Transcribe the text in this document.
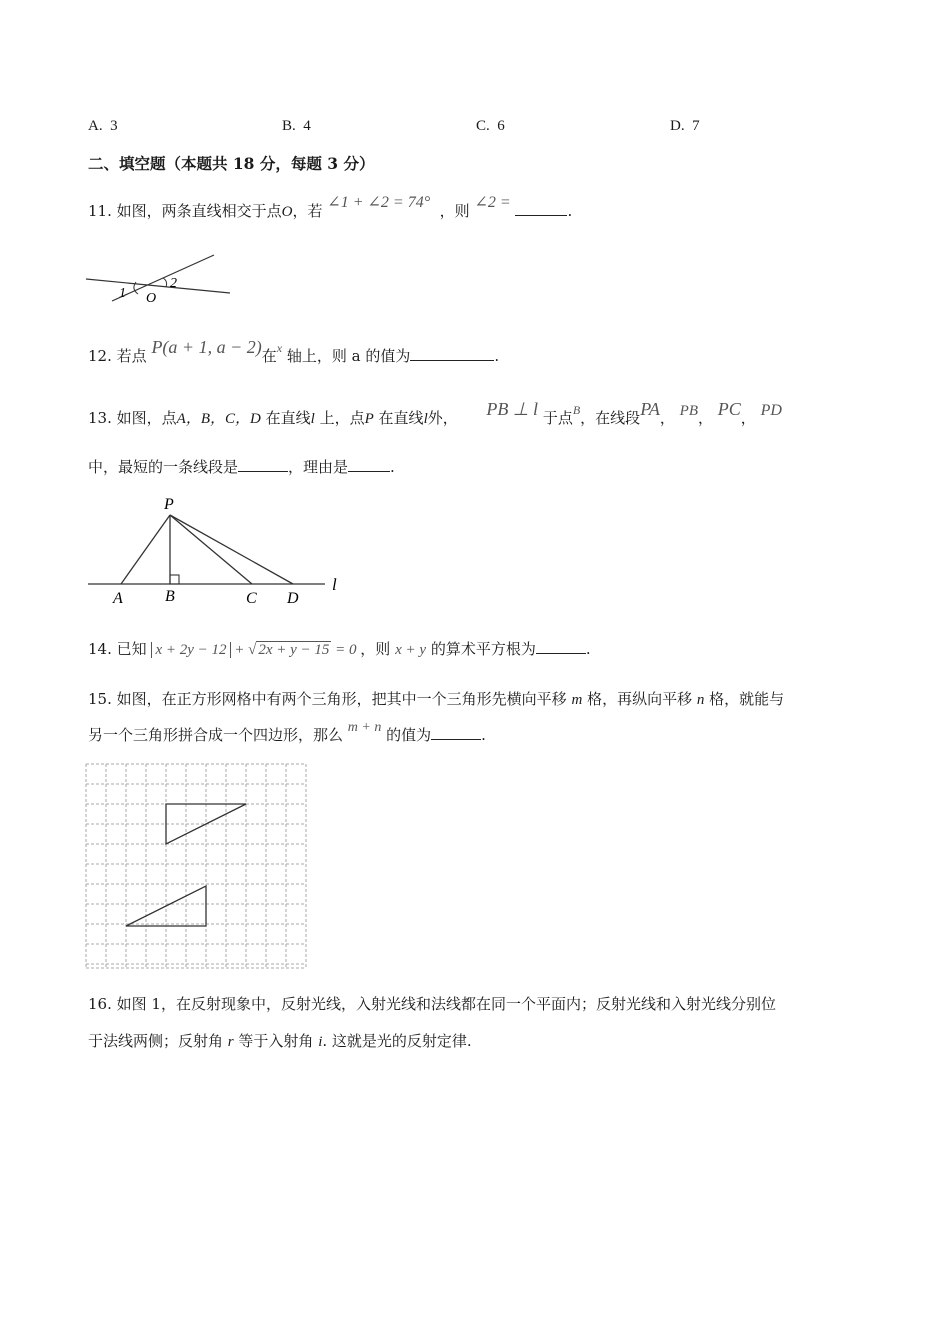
A. 3	B. 4	C. 6	D. 7
二、填空题（本题共 18 分，每题 3 分）
11. 如图，两条直线相交于点O，若 ∠1 + ∠2 = 74° ，则 ∠2 =	.
1
2
O
12. 若点 P(a + 1, a − 2)在$^x$ 轴上，则 a 的值为	.
13. 如图，点A，B，C，D 在直线l 上，点P 在直线l外， PB ⊥ l 于点$^B$，在线段PA， PB， PC， PD
中，最短的一条线段是	，理由是	.
P
A	B	C D
l
14. 已知 x + 2y − 12 + √ 2x + y − 15 = 0 ，则 x + y 的算术平方根为	.
15. 如图，在正方形网格中有两个三角形，把其中一个三角形先横向平移 m 格，再纵向平移 n 格，就能与
另一个三角形拼合成一个四边形，那么 m + n 的值为	.
16. 如图 1，在反射现象中，反射光线，入射光线和法线都在同一个平面内；反射光线和入射光线分别位
于法线两侧；反射角 r 等于入射角 i. 这就是光的反射定律.
